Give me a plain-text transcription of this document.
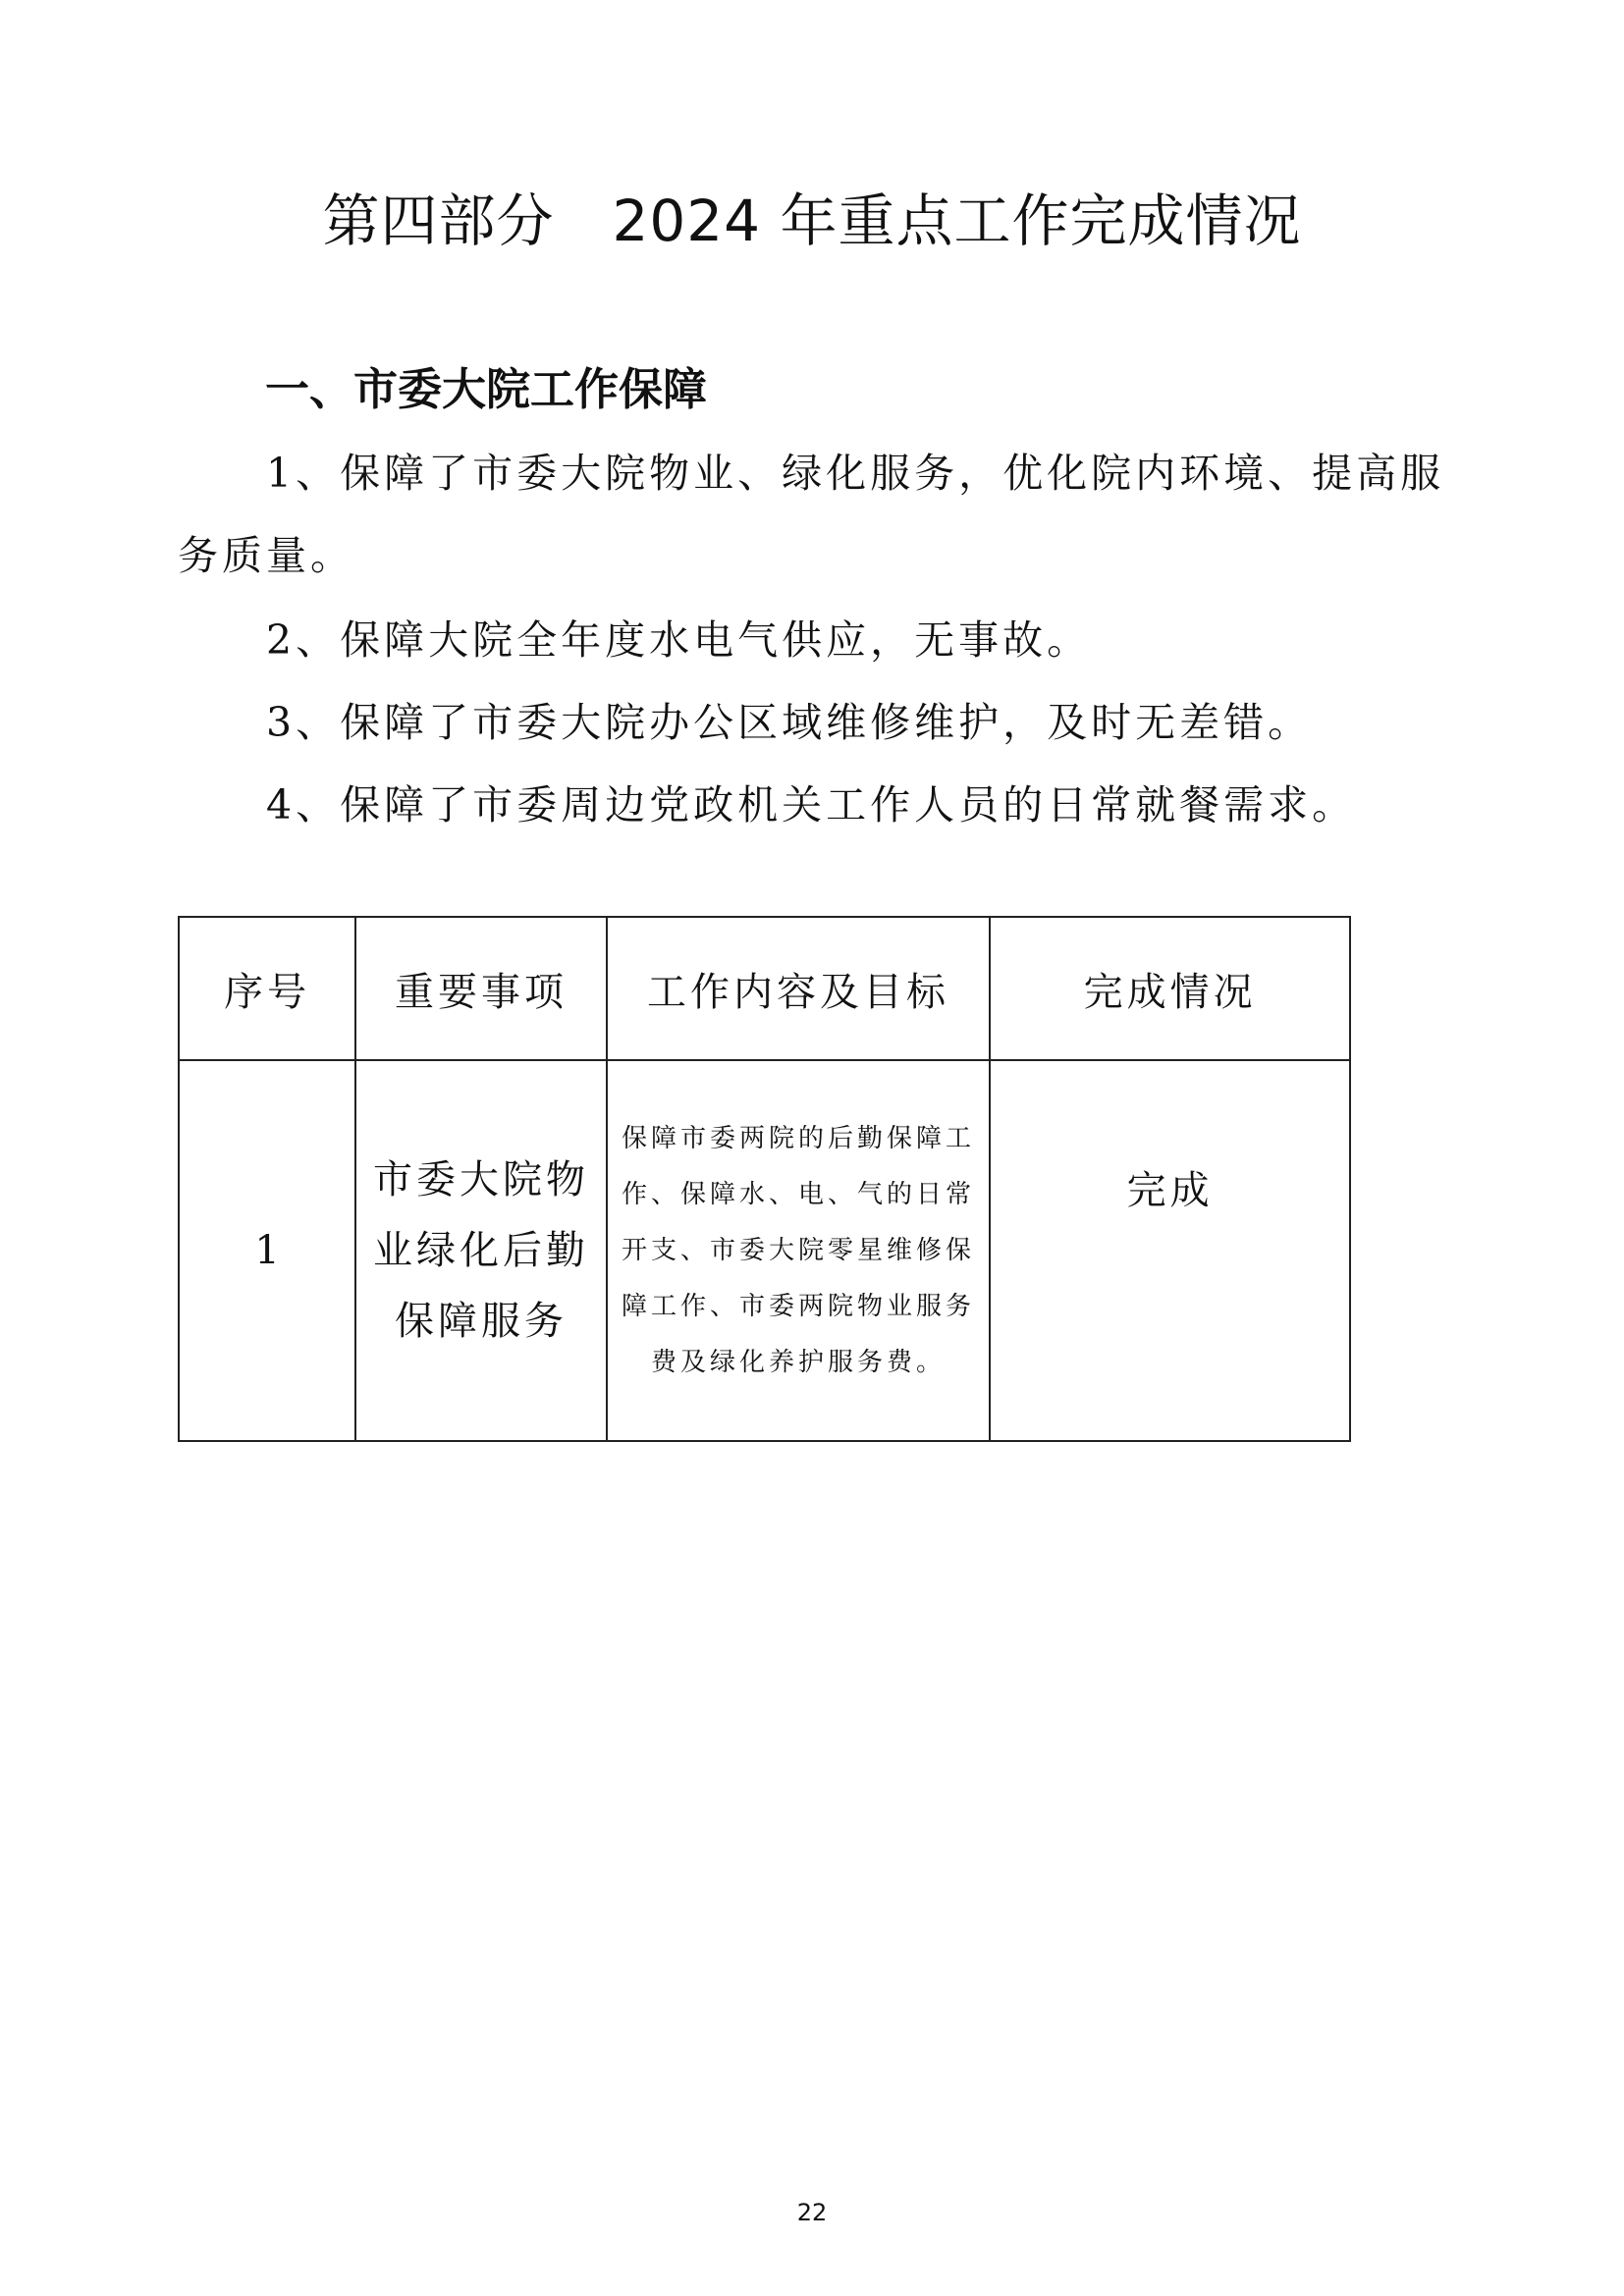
第四部分　2024 年重点工作完成情况
一、市委大院工作保障

1、保障了市委大院物业、绿化服务，优化院内环境、提高服务质量。

2、保障大院全年度水电气供应，无事故。

3、保障了市委大院办公区域维修维护，及时无差错。

4、保障了市委周边党政机关工作人员的日常就餐需求。

序号	重要事项	工作内容及目标	完成情况
1	市委大院物业绿化后勤保障服务	保障市委两院的后勤保障工作、保障水、电、气的日常开支、市委大院零星维修保障工作、市委两院物业服务费及绿化养护服务费。	完成
22
